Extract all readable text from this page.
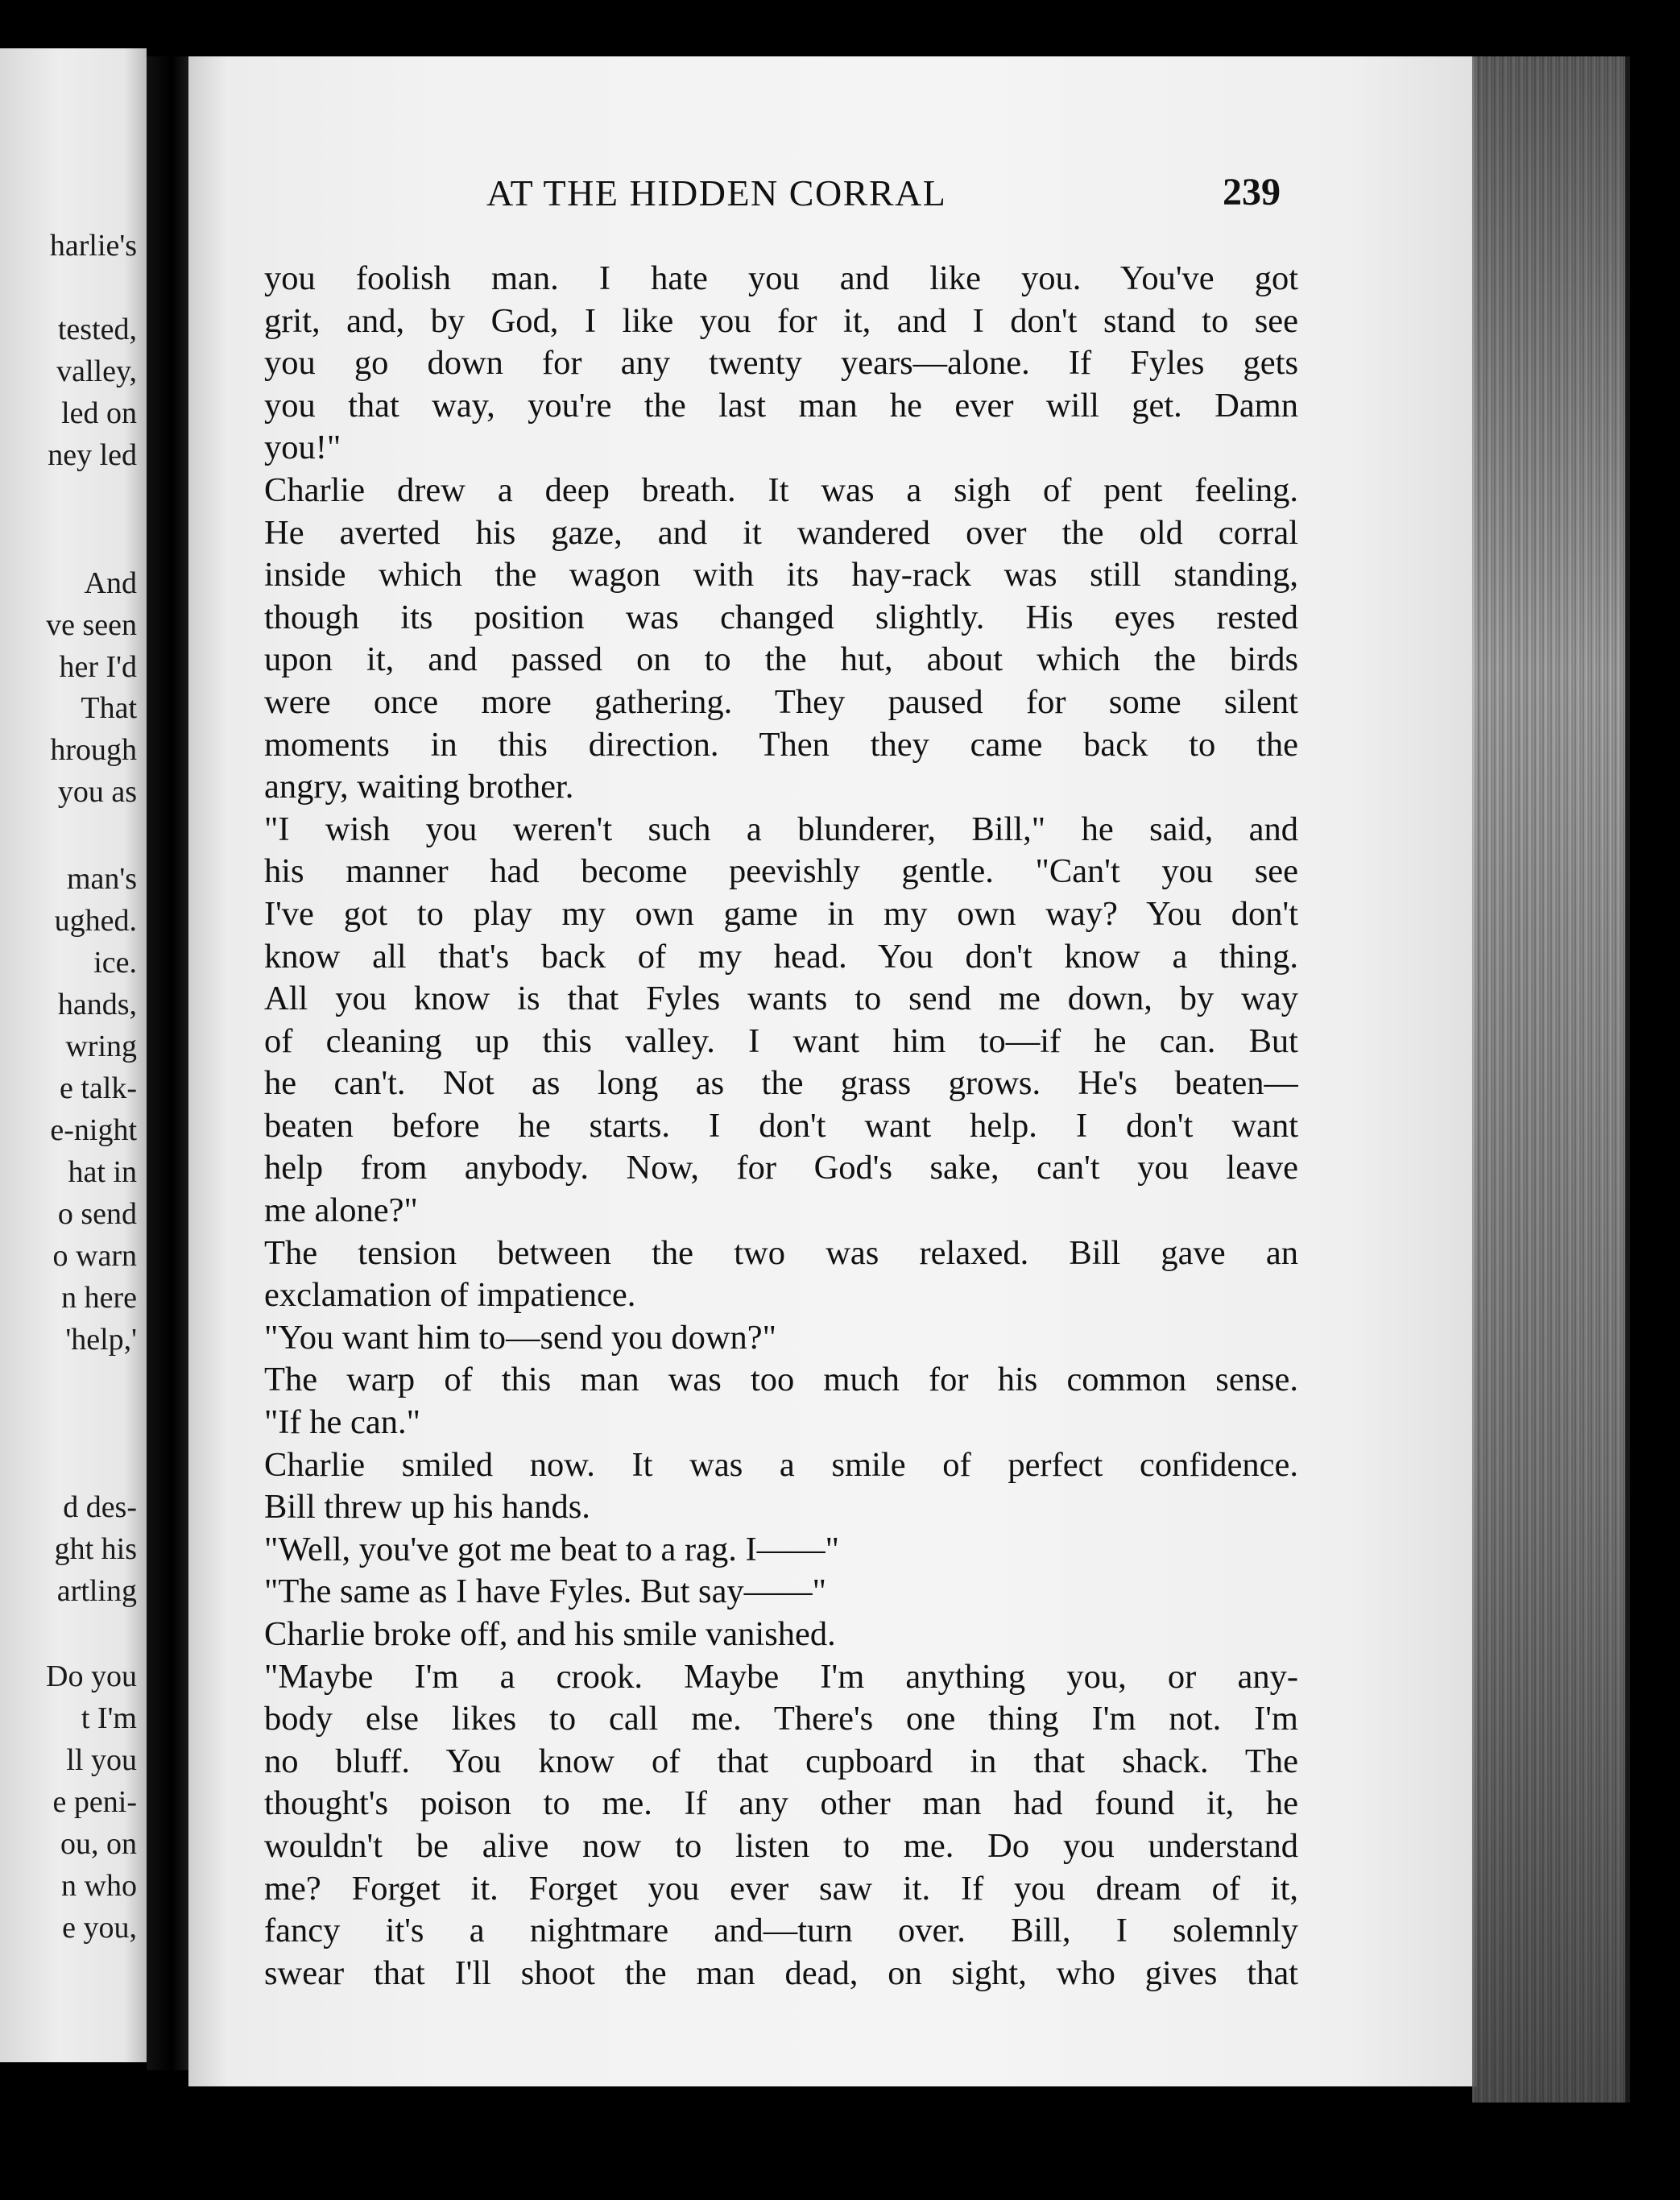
harlie's
tested,
valley,
led on
ney led
And
ve seen
her I'd
That
hrough
you as
man's
ughed.
ice.
hands,
wring
e talk-
e-night
hat in
o send
o warn
n here
'help,'
d des-
ght his
artling
Do you
t I'm
ll you
e peni-
ou, on
n who
e you,
AT THE HIDDEN CORRAL	239
you foolish man. I hate you and like you. You've got
grit, and, by God, I like you for it, and I don't stand to see
you go down for any twenty years—alone. If Fyles gets
you that way, you're the last man he ever will get. Damn
you!"
Charlie drew a deep breath. It was a sigh of pent feeling.
He averted his gaze, and it wandered over the old corral
inside which the wagon with its hay-rack was still standing,
though its position was changed slightly. His eyes rested
upon it, and passed on to the hut, about which the birds
were once more gathering. They paused for some silent
moments in this direction. Then they came back to the
angry, waiting brother.
"I wish you weren't such a blunderer, Bill," he said, and
his manner had become peevishly gentle. "Can't you see
I've got to play my own game in my own way? You don't
know all that's back of my head. You don't know a thing.
All you know is that Fyles wants to send me down, by way
of cleaning up this valley. I want him to—if he can. But
he can't. Not as long as the grass grows. He's beaten—
beaten before he starts. I don't want help. I don't want
help from anybody. Now, for God's sake, can't you leave
me alone?"
The tension between the two was relaxed. Bill gave an
exclamation of impatience.
"You want him to—send you down?"
The warp of this man was too much for his common sense.
"If he can."
Charlie smiled now. It was a smile of perfect confidence.
Bill threw up his hands.
"Well, you've got me beat to a rag. I——"
"The same as I have Fyles. But say——"
Charlie broke off, and his smile vanished.
"Maybe I'm a crook. Maybe I'm anything you, or any-
body else likes to call me. There's one thing I'm not. I'm
no bluff. You know of that cupboard in that shack. The
thought's poison to me. If any other man had found it, he
wouldn't be alive now to listen to me. Do you understand
me? Forget it. Forget you ever saw it. If you dream of it,
fancy it's a nightmare and—turn over. Bill, I solemnly
swear that I'll shoot the man dead, on sight, who gives that
